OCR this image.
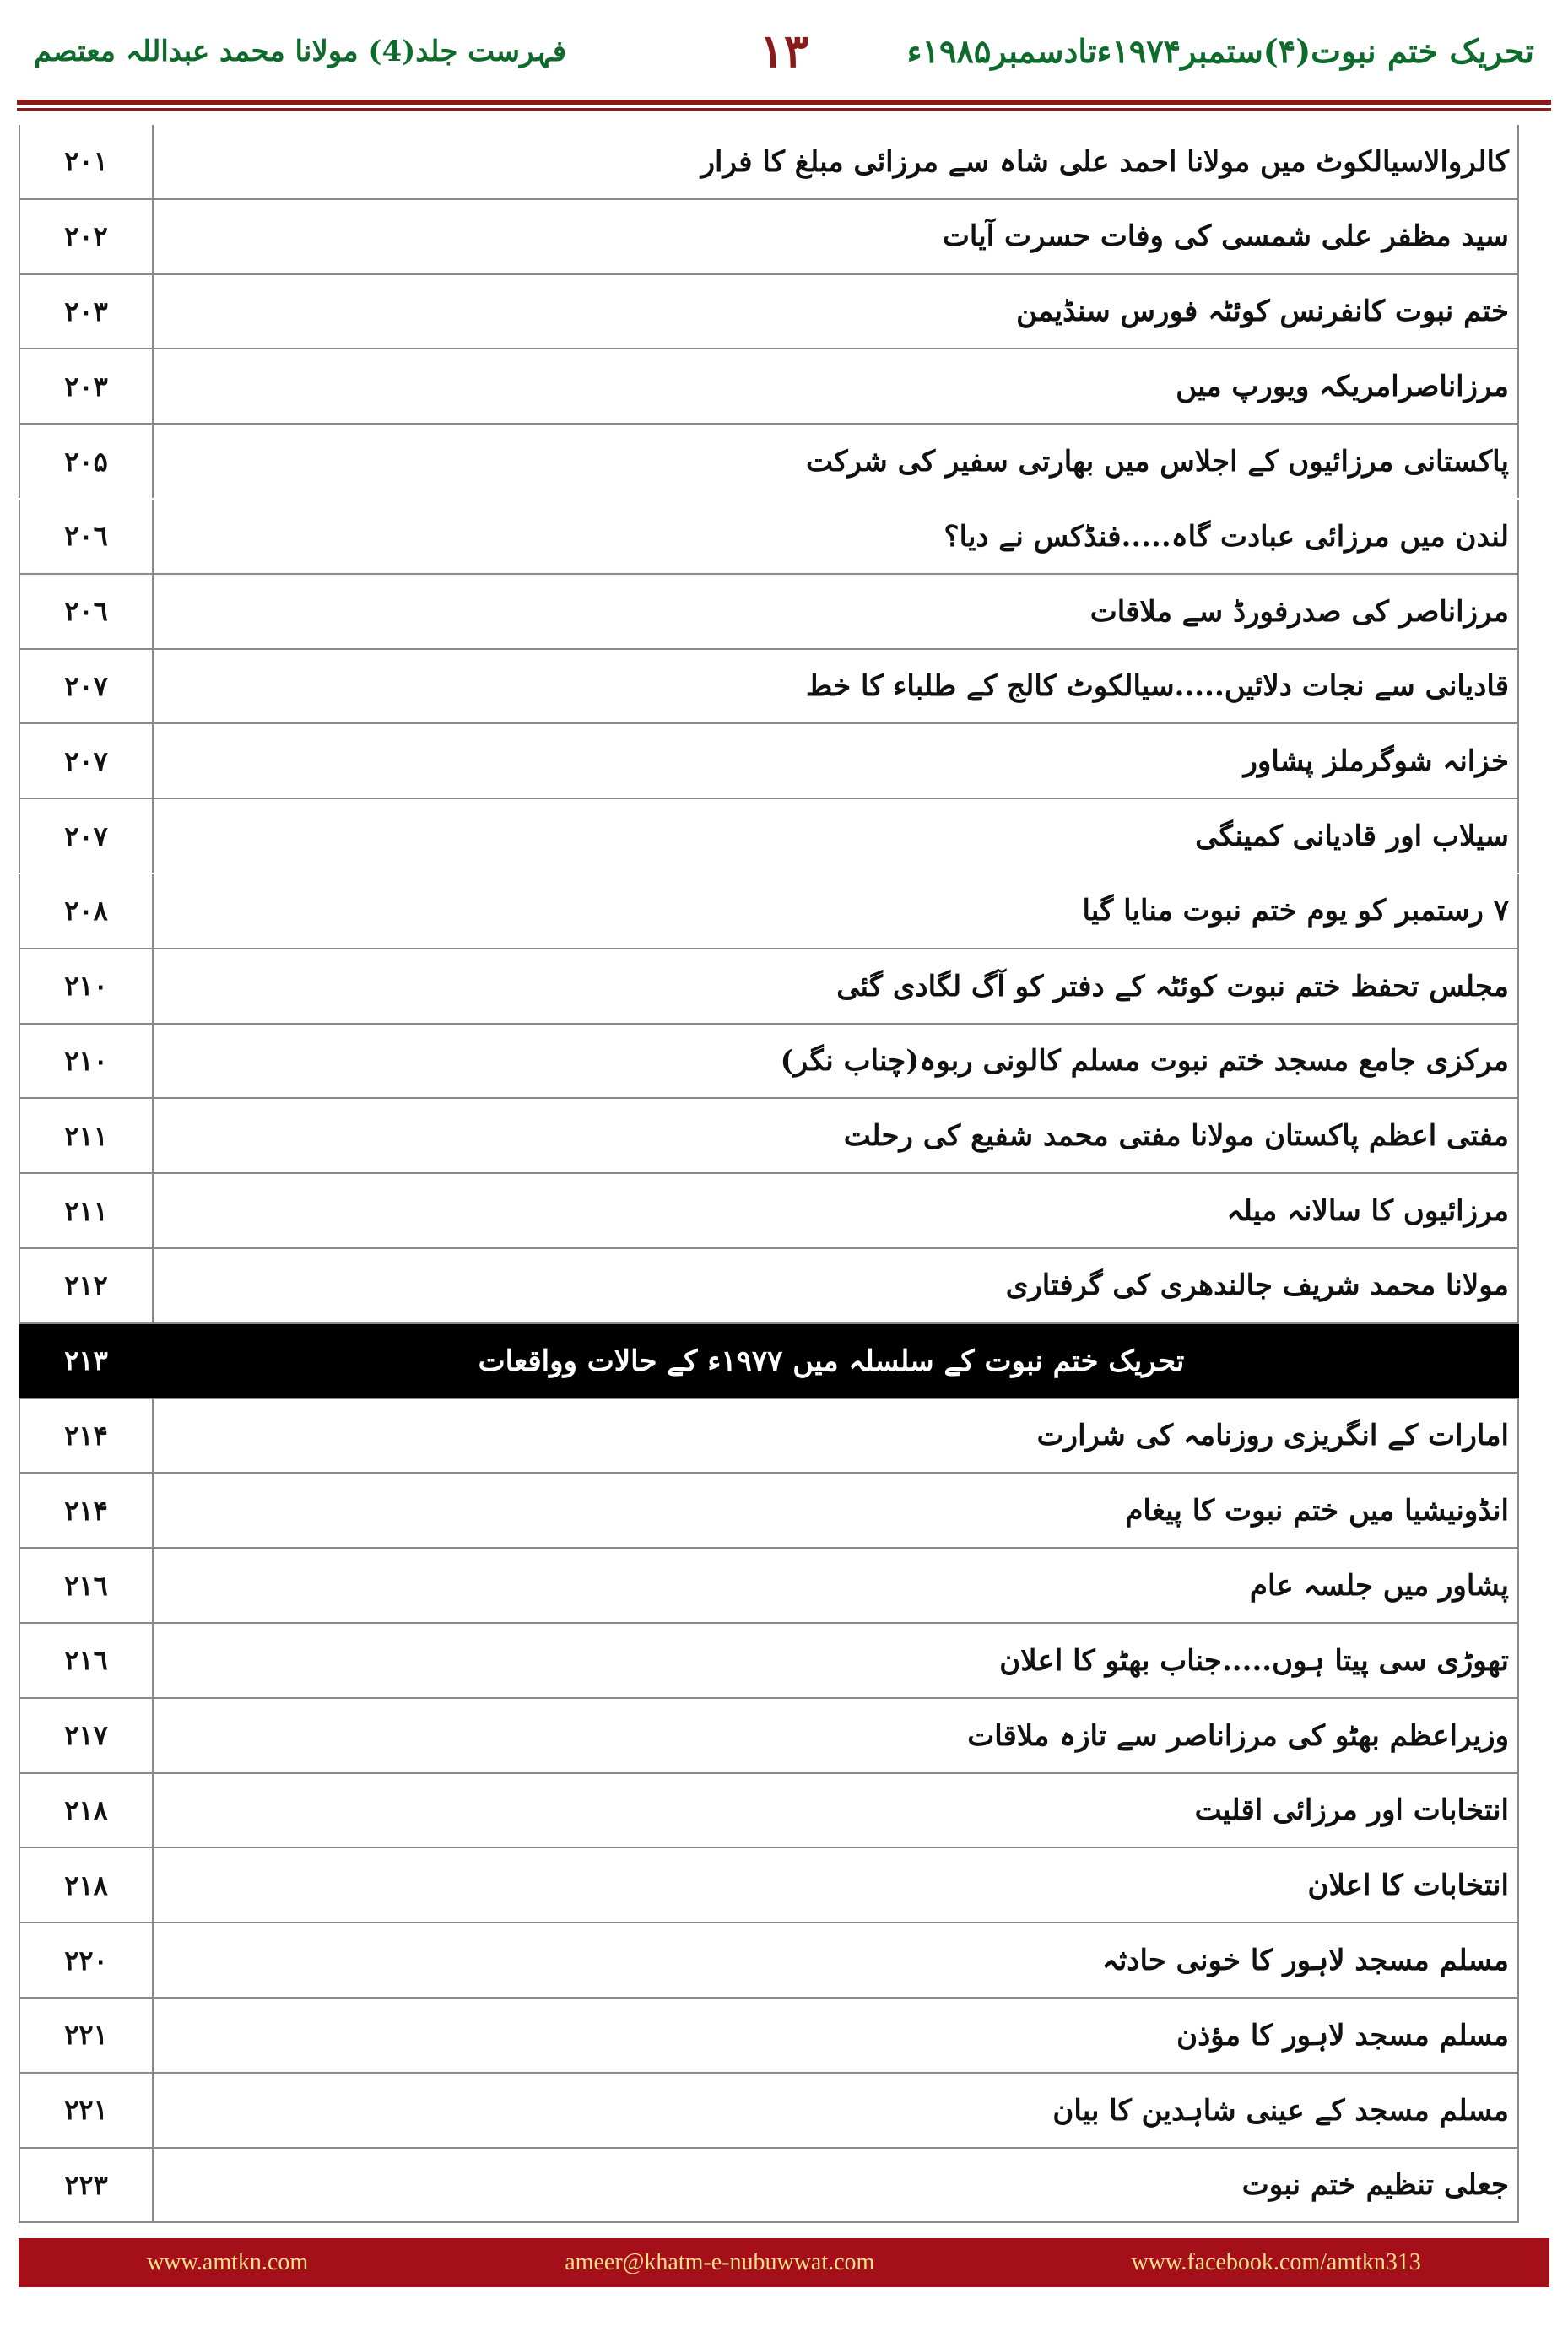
تحریک ختم نبوت(۴)ستمبر۱۹۷۴ءتادسمبر۱۹۸۵ء
١٣
فہرست جلد(4) مولانا محمد عبداللہ معتصم
۲۰۱	کالروالاسیالکوٹ میں مولانا احمد علی شاہ سے مرزائی مبلغ کا فرار
۲۰۲	سید مظفر علی شمسی کی وفات حسرت آیات
۲۰۳	ختم نبوت کانفرنس کوئٹہ فورس سنڈیمن
۲۰۳	مرزاناصرامریکہ ویورپ میں
۲۰۵	پاکستانی مرزائیوں کے اجلاس میں بھارتی سفیر کی شرکت
۲۰٦	لندن میں مرزائی عبادت گاہ.....فنڈکس نے دیا؟
۲۰٦	مرزاناصر کی صدرفورڈ سے ملاقات
۲۰۷	قادیانی سے نجات دلائیں.....سیالکوٹ کالج کے طلباء کا خط
۲۰۷	خزانہ شوگرملز پشاور
۲۰۷	سیلاب اور قادیانی کمینگی
۲۰۸	۷ رستمبر کو یوم ختم نبوت منایا گیا
۲۱۰	مجلس تحفظ ختم نبوت کوئٹہ کے دفتر کو آگ لگادی گئی
۲۱۰	مرکزی جامع مسجد ختم نبوت مسلم کالونی ربوہ(چناب نگر)
۲۱۱	مفتی اعظم پاکستان مولانا مفتی محمد شفیع کی رحلت
۲۱۱	مرزائیوں کا سالانہ میلہ
۲۱۲	مولانا محمد شریف جالندھری کی گرفتاری
۲۱۳	تحریک ختم نبوت کے سلسلہ میں ۱۹۷۷ء کے حالات وواقعات
۲۱۴	امارات کے انگریزی روزنامہ کی شرارت
۲۱۴	انڈونیشیا میں ختم نبوت کا پیغام
۲۱٦	پشاور میں جلسہ عام
۲۱٦	تھوڑی سی پیتا ہوں.....جناب بھٹو کا اعلان
۲۱۷	وزیراعظم بھٹو کی مرزاناصر سے تازہ ملاقات
۲۱۸	انتخابات اور مرزائی اقلیت
۲۱۸	انتخابات کا اعلان
۲۲۰	مسلم مسجد لاہور کا خونی حادثہ
۲۲۱	مسلم مسجد لاہور کا مؤذن
۲۲۱	مسلم مسجد کے عینی شاہدین کا بیان
۲۲۳	جعلی تنظیم ختم نبوت
www.amtkn.com	ameer@khatm-e-nubuwwat.com	www.facebook.com/amtkn313
